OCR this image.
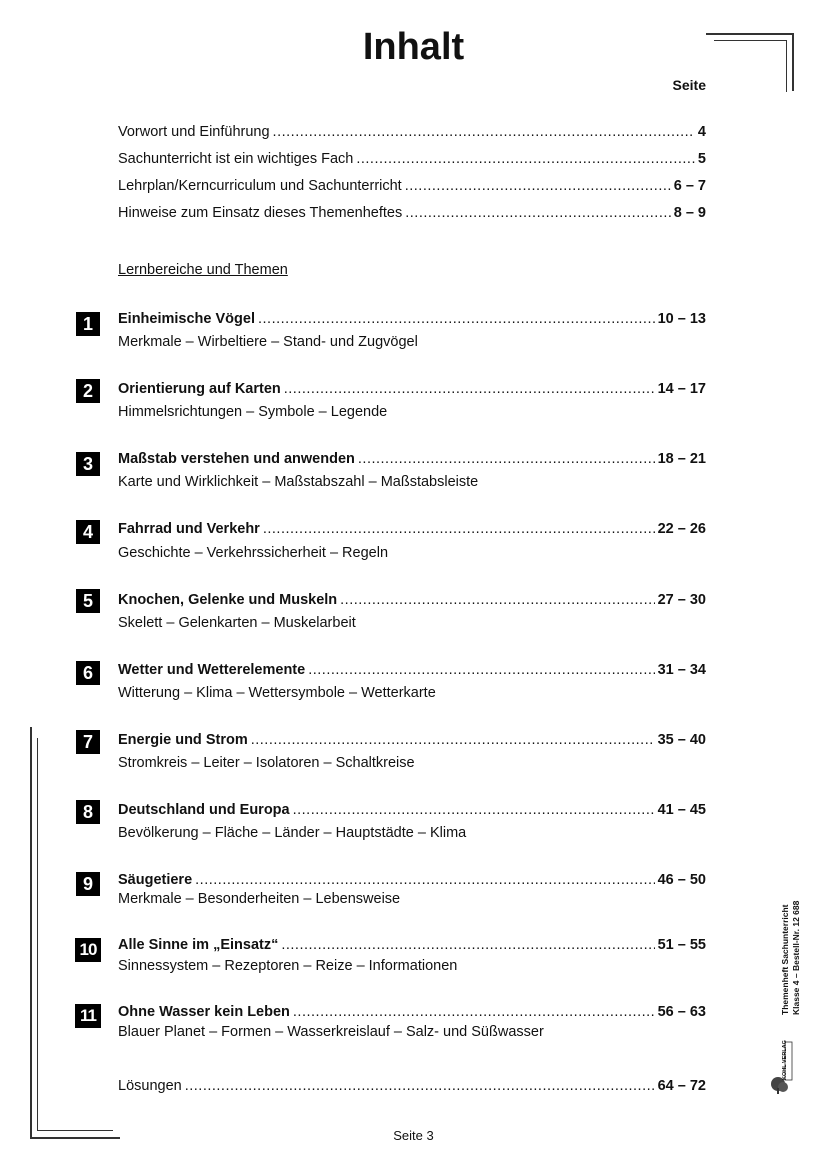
Inhalt
Seite
Vorwort und Einführung .....	4
Sachunterricht ist ein wichtiges Fach .....	5
Lehrplan/Kerncurriculum und Sachunterricht .....	6 – 7
Hinweise zum Einsatz dieses Themenheftes .....	8 – 9
Lernbereiche und Themen
1	Einheimische Vögel .....	10 – 13
Merkmale – Wirbeltiere – Stand- und Zugvögel
2	Orientierung auf Karten .....	14 – 17
Himmelsrichtungen – Symbole – Legende
3	Maßstab verstehen und anwenden .....	18 – 21
Karte und Wirklichkeit – Maßstabszahl – Maßstabsleiste
4	Fahrrad und Verkehr .....	22 – 26
Geschichte – Verkehrssicherheit – Regeln
5	Knochen, Gelenke und Muskeln .....	27 – 30
Skelett – Gelenkarten – Muskelarbeit
6	Wetter und Wetterelemente .....	31 – 34
Witterung – Klima – Wettersymbole – Wetterkarte
7	Energie und Strom .....	35 – 40
Stromkreis – Leiter – Isolatoren – Schaltkreise
8	Deutschland und Europa .....	41 – 45
Bevölkerung – Fläche – Länder – Hauptstädte – Klima
9	Säugetiere .....	46 – 50
Merkmale – Besonderheiten – Lebensweise
10	Alle Sinne im „Einsatz“ .....	51 – 55
Sinnessystem – Rezeptoren – Reize – Informationen
11	Ohne Wasser kein Leben .....	56 – 63
Blauer Planet – Formen – Wasserkreislauf – Salz- und Süßwasser
Lösungen .....	64 – 72
Themenheft Sachunterricht Klasse 4 – Bestell-Nr. 12 688
KOHL VERLAG
Seite 3
